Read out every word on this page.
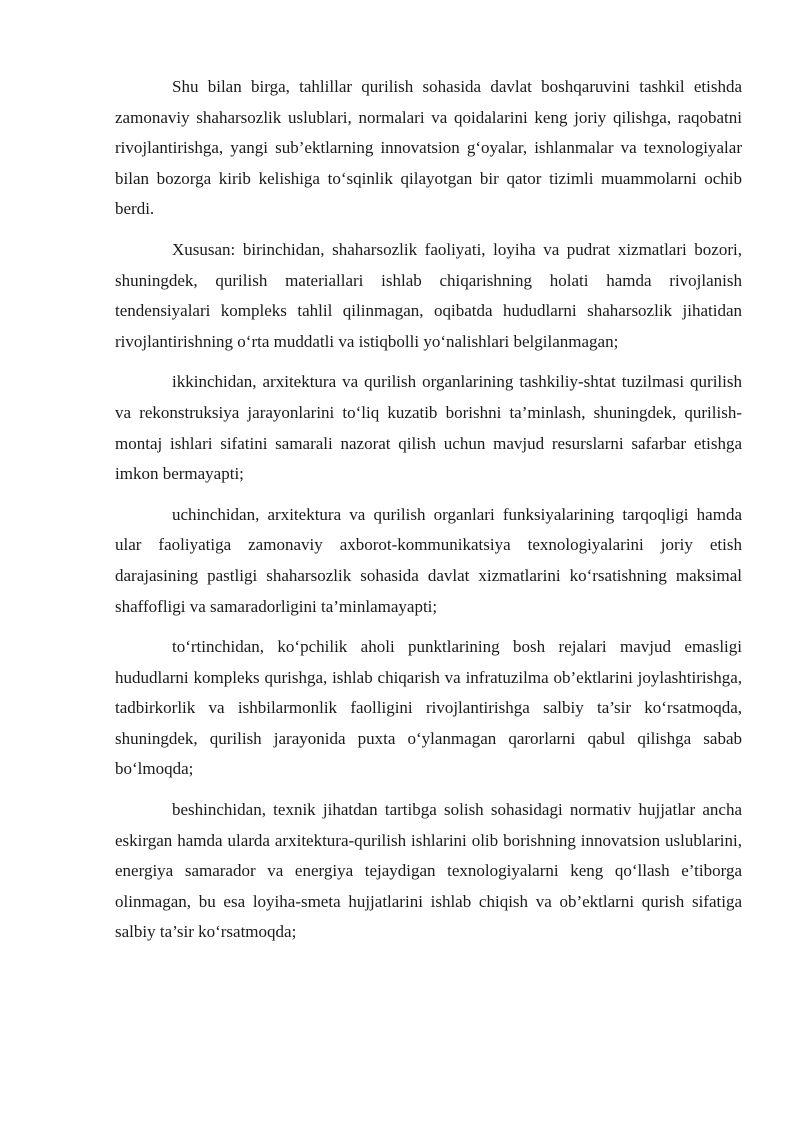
Shu bilan birga, tahlillar qurilish sohasida davlat boshqaruvini tashkil etishda zamonaviy shaharsozlik uslublari, normalari va qoidalarini keng joriy qilishga, raqobatni rivojlantirishga, yangi sub’ektlarning innovatsion g‘oyalar, ishlanmalar va texnologiyalar bilan bozorga kirib kelishiga to‘sqinlik qilayotgan bir qator tizimli muammolarni ochib berdi.

Xususan: birinchidan, shaharsozlik faoliyati, loyiha va pudrat xizmatlari bozori, shuningdek, qurilish materiallari ishlab chiqarishning holati hamda rivojlanish tendensiyalari kompleks tahlil qilinmagan, oqibatda hududlarni shaharsozlik jihatidan rivojlantirishning o‘rta muddatli va istiqbolli yo‘nalishlari belgilanmagan;

ikkinchidan, arxitektura va qurilish organlarining tashkiliy-shtat tuzilmasi qurilish va rekonstruksiya jarayonlarini to‘liq kuzatib borishni ta’minlash, shuningdek, qurilish-montaj ishlari sifatini samarali nazorat qilish uchun mavjud resurslarni safarbar etishga imkon bermayapti;

uchinchidan, arxitektura va qurilish organlari funksiyalarining tarqoqligi hamda ular faoliyatiga zamonaviy axborot-kommunikatsiya texnologiyalarini joriy etish darajasining pastligi shaharsozlik sohasida davlat xizmatlarini ko‘rsatishning maksimal shaffofligi va samaradorligini ta’minlamayapti;

to‘rtinchidan, ko‘pchilik aholi punktlarining bosh rejalari mavjud emasligi hududlarni kompleks qurishga, ishlab chiqarish va infratuzilma ob’ektlarini joylashtirishga, tadbirkorlik va ishbilarmonlik faolligini rivojlantirishga salbiy ta’sir ko‘rsatmoqda, shuningdek, qurilish jarayonida puxta o‘ylanmagan qarorlarni qabul qilishga sabab bo‘lmoqda;

beshinchidan, texnik jihatdan tartibga solish sohasidagi normativ hujjatlar ancha eskirgan hamda ularda arxitektura-qurilish ishlarini olib borishning innovatsion uslublarini, energiya samarador va energiya tejaydigan texnologiyalarni keng qo‘llash e’tiborga olinmagan, bu esa loyiha-smeta hujjatlarini ishlab chiqish va ob’ektlarni qurish sifatiga salbiy ta’sir ko‘rsatmoqda;
